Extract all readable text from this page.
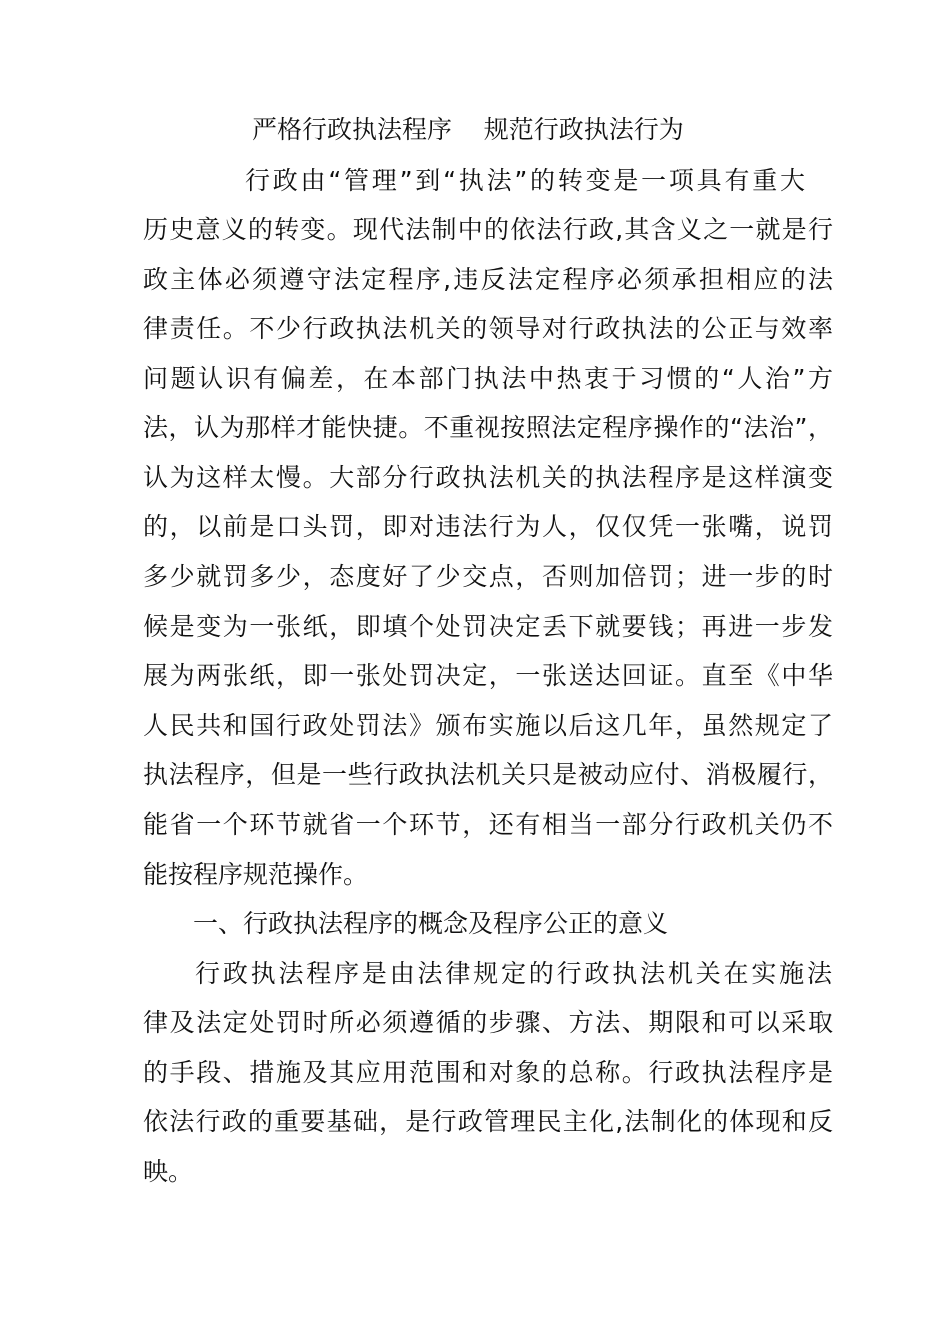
严格行政执法程序    规范行政执法行为
行政由“管理”到“执法”的转变是一项具有重大
历史意义的转变。现代法制中的依法行政,其含义之一就是行
政主体必须遵守法定程序,违反法定程序必须承担相应的法
律责任。不少行政执法机关的领导对行政执法的公正与效率
问题认识有偏差，在本部门执法中热衷于习惯的“人治”方
法，认为那样才能快捷。不重视按照法定程序操作的“法治”，
认为这样太慢。大部分行政执法机关的执法程序是这样演变
的，以前是口头罚，即对违法行为人，仅仅凭一张嘴，说罚
多少就罚多少，态度好了少交点，否则加倍罚；进一步的时
候是变为一张纸，即填个处罚决定丢下就要钱；再进一步发
展为两张纸，即一张处罚决定，一张送达回证。直至《中华
人民共和国行政处罚法》颁布实施以后这几年，虽然规定了
执法程序，但是一些行政执法机关只是被动应付、消极履行，
能省一个环节就省一个环节，还有相当一部分行政机关仍不
能按程序规范操作。
一、行政执法程序的概念及程序公正的意义
行政执法程序是由法律规定的行政执法机关在实施法
律及法定处罚时所必须遵循的步骤、方法、期限和可以采取
的手段、措施及其应用范围和对象的总称。行政执法程序是
依法行政的重要基础，是行政管理民主化,法制化的体现和反
映。
